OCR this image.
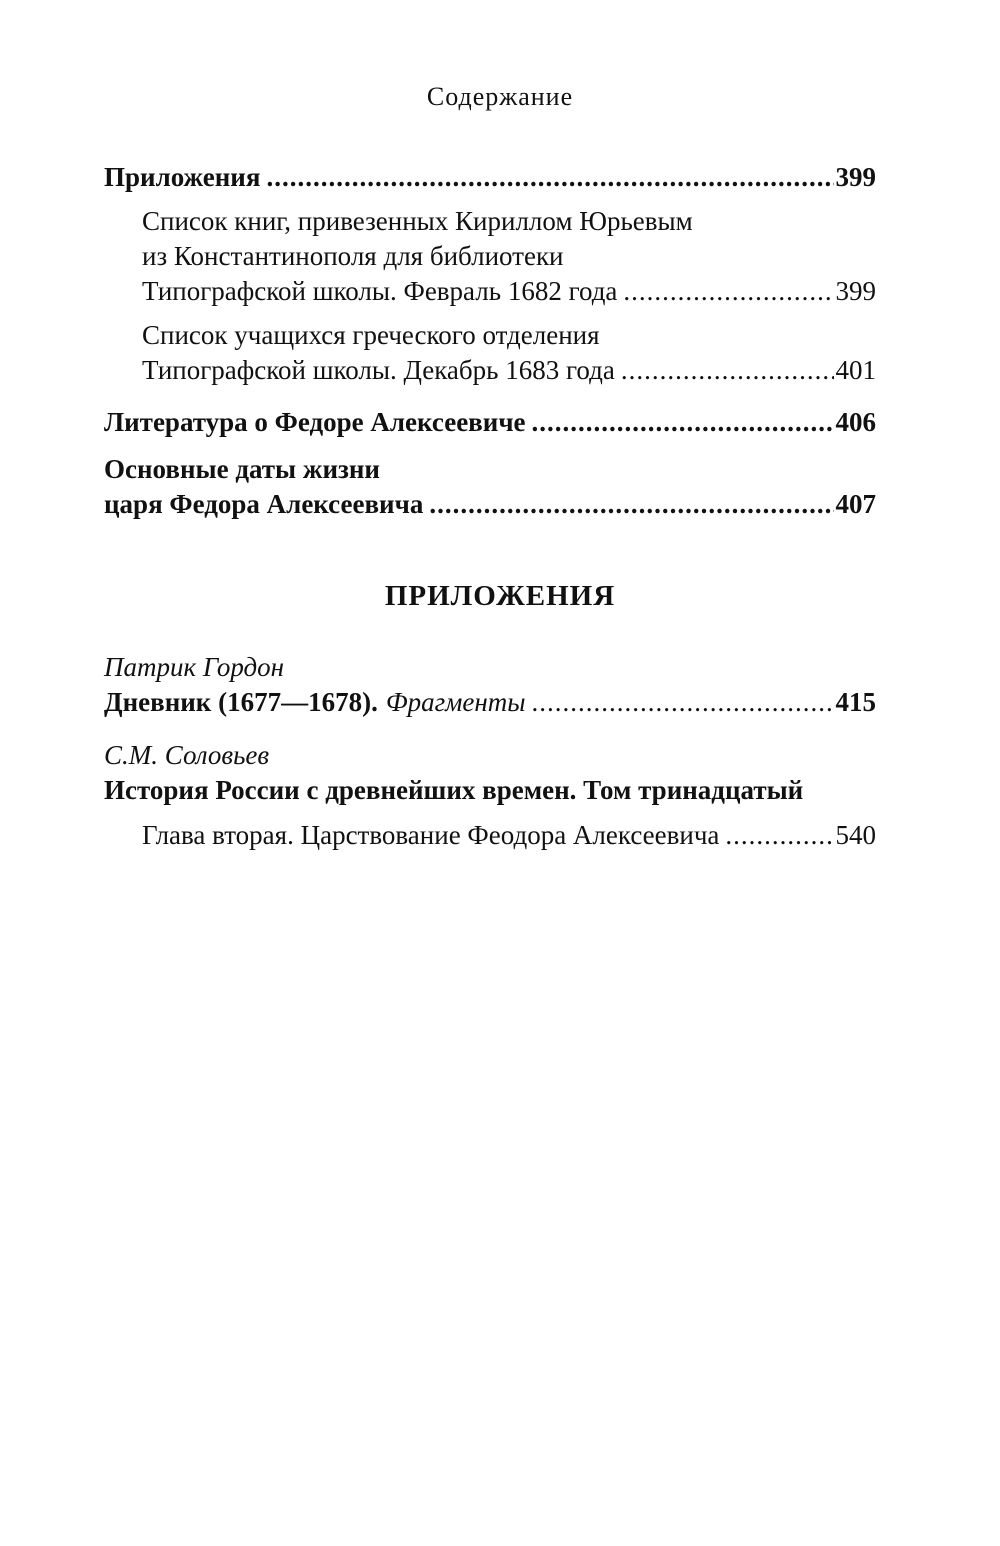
Содержание
Приложения .....	399
Список книг, привезенных Кириллом Юрьевым
из Константинополя для библиотеки
Типографской школы. Февраль 1682 года .....	399
Список учащихся греческого отделения
Типографской школы. Декабрь 1683 года .....	401
Литература о Федоре Алексеевиче .....	406
Основные даты жизни
царя Федора Алексеевича .....	407
Патрик Гордон
Дневник (1677—1678). Фрагменты .....	415
С.М. Соловьев
История России с древнейших времен. Том тринадцатый
Глава вторая. Царствование Феодора Алексеевича .....	540
ПРИЛОЖЕНИЯ
